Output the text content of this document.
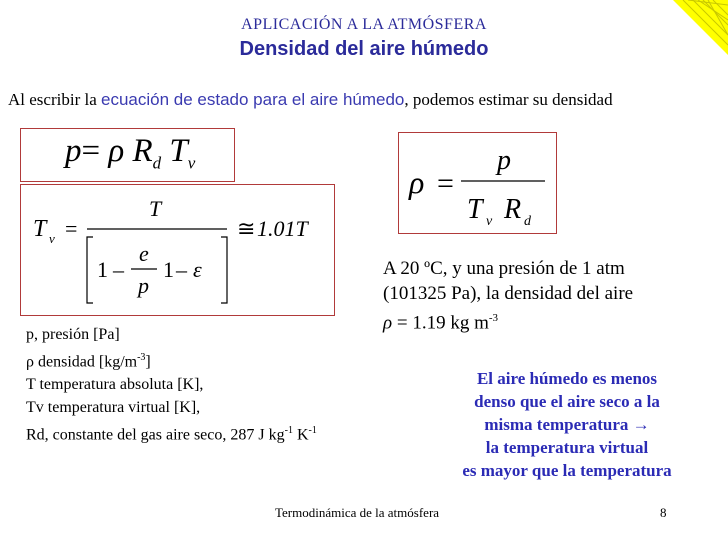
APLICACIÓN A LA ATMÓSFERA
Densidad del aire húmedo
Al escribir la ecuación de estado para el aire húmedo, podemos estimar su densidad
p= ρ $R_d$ $T_v$
T v =
T
1 –
e
p
1 – ε
≅ 1.01T
ρ =
p
T v R d
A 20 ºC, y una presión de 1 atm
(101325 Pa), la densidad del aire
ρ = 1.19 kg $m^{-3}$
p, presión [Pa]
ρ densidad $[kg/m^{-3}]$
T temperatura absoluta [K],
Tv temperatura virtual [K],
Rd, constante del gas aire seco, 287 J $kg^{-1}$ $K^{-1}$
El aire húmedo es menos
denso que el aire seco a la
misma temperatura →
la temperatura virtual
es mayor que la temperatura
Termodinámica de la atmósfera	8
